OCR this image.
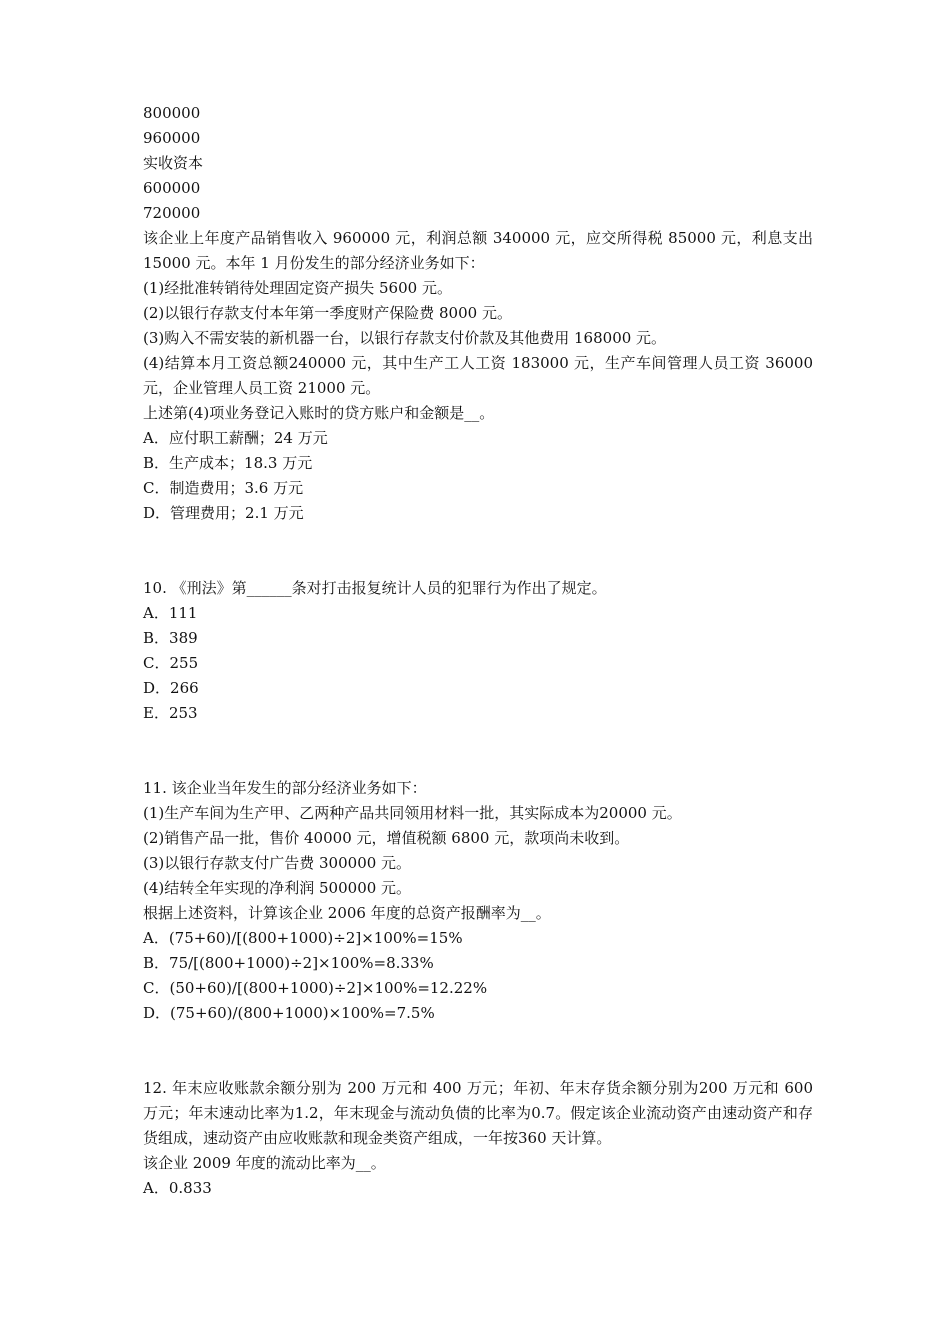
800000

960000

实收资本

600000

720000

该企业上年度产品销售收入 960000 元，利润总额 340000 元，应交所得税 85000 元，利息支出 15000 元。本年 1 月份发生的部分经济业务如下：

(1)经批准转销待处理固定资产损失 5600 元。

(2)以银行存款支付本年第一季度财产保险费 8000 元。

(3)购入不需安装的新机器一台，以银行存款支付价款及其他费用 168000 元。

(4)结算本月工资总额240000 元，其中生产工人工资 183000 元，生产车间管理人员工资 36000 元，企业管理人员工资 21000 元。

上述第(4)项业务登记入账时的贷方账户和金额是__。

A．应付职工薪酬；24 万元

B．生产成本；18.3 万元

C．制造费用；3.6 万元

D．管理费用；2.1 万元

10. 《刑法》第______条对打击报复统计人员的犯罪行为作出了规定。

A．111

B．389

C．255

D．266

E．253

11. 该企业当年发生的部分经济业务如下：

(1)生产车间为生产甲、乙两种产品共同领用材料一批，其实际成本为20000 元。

(2)销售产品一批，售价 40000 元，增值税额 6800 元，款项尚未收到。

(3)以银行存款支付广告费 300000 元。

(4)结转全年实现的净利润 500000 元。

根据上述资料，计算该企业 2006 年度的总资产报酬率为__。

A．(75+60)/[(800+1000)÷2]×100%=15%

B．75/[(800+1000)÷2]×100%=8.33%

C．(50+60)/[(800+1000)÷2]×100%=12.22%

D．(75+60)/(800+1000)×100%=7.5%

12. 年末应收账款余额分别为 200 万元和 400 万元；年初、年末存货余额分别为200 万元和 600 万元；年末速动比率为1.2，年末现金与流动负债的比率为0.7。假定该企业流动资产由速动资产和存货组成，速动资产由应收账款和现金类资产组成，一年按360 天计算。

该企业 2009 年度的流动比率为__。

A．0.833
